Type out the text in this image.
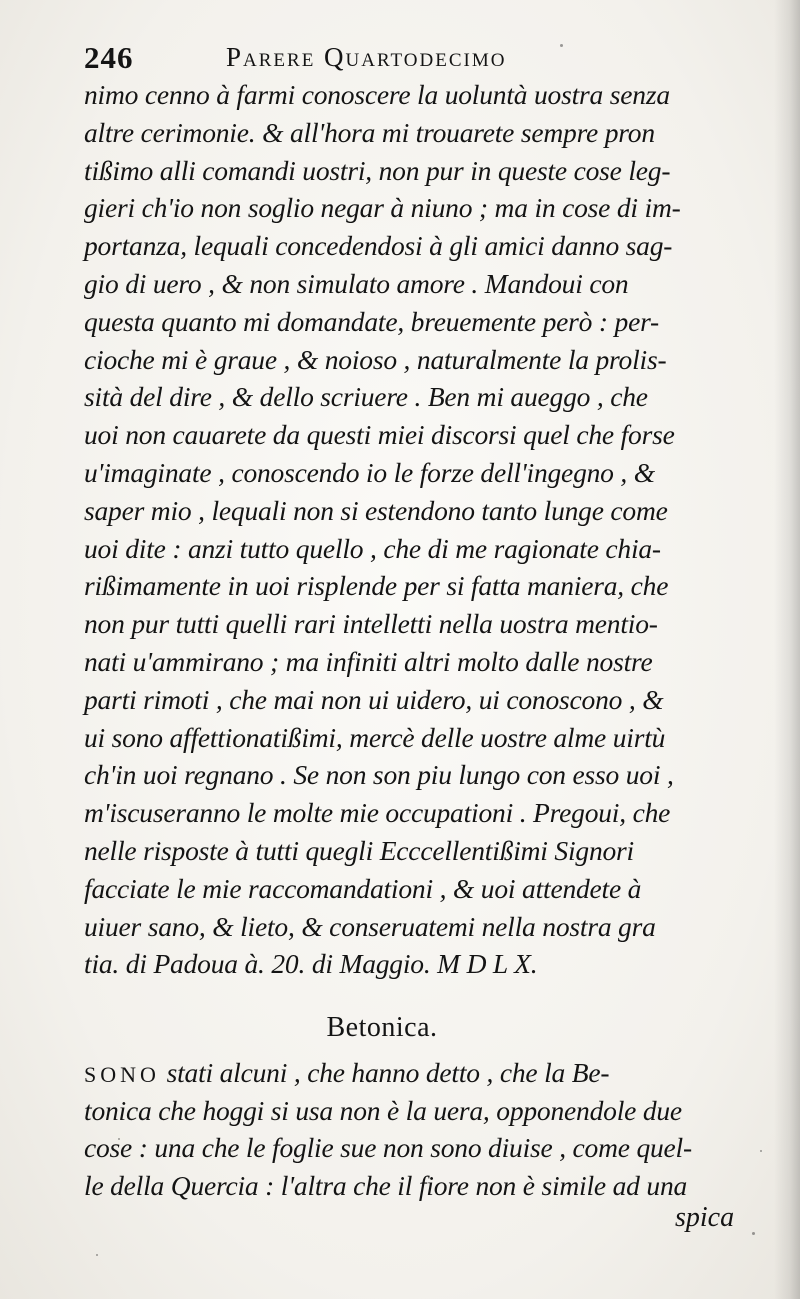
246	Parere Quartodecimo
nimo cenno à farmi conoscere la uoluntà uostra senza
altre cerimonie. & all'hora mi trouarete sempre pron
tißimo alli comandi uostri, non pur in queste cose leg-
gieri ch'io non soglio negar à niuno ; ma in cose di im-
portanza, lequali concedendosi à gli amici danno sag-
gio di uero , & non simulato amore . Mandoui con
questa quanto mi domandate, breuemente però : per-
cioche mi è graue , & noioso , naturalmente la prolis-
sità del dire , & dello scriuere . Ben mi aueggo , che
uoi non cauarete da questi miei discorsi quel che forse
u'imaginate , conoscendo io le forze dell'ingegno , &
saper mio , lequali non si estendono tanto lunge come
uoi dite : anzi tutto quello , che di me ragionate chia-
rißimamente in uoi risplende per si fatta maniera, che
non pur tutti quelli rari intelletti nella uostra mentio-
nati u'ammirano ; ma infiniti altri molto dalle nostre
parti rimoti , che mai non ui uidero, ui conoscono , &
ui sono affettionatißimi, mercè delle uostre alme uirtù
ch'in uoi regnano . Se non son piu lungo con esso uoi ,
m'iscuseranno le molte mie occupationi . Pregoui, che
nelle risposte à tutti quegli Ecccellentißimi Signori
facciate le mie raccomandationi , & uoi attendete à
uiuer sano, & lieto, & conseruatemi nella nostra gra
tia. di Padoua à. 20. di Maggio. M D L X.
Betonica.
SONO stati alcuni , che hanno detto , che la Be-
tonica che hoggi si usa non è la uera, opponendole due
cose : una che le foglie sue non sono diuise , come quel-
le della Quercia : l'altra che il fiore non è simile ad una
spica
